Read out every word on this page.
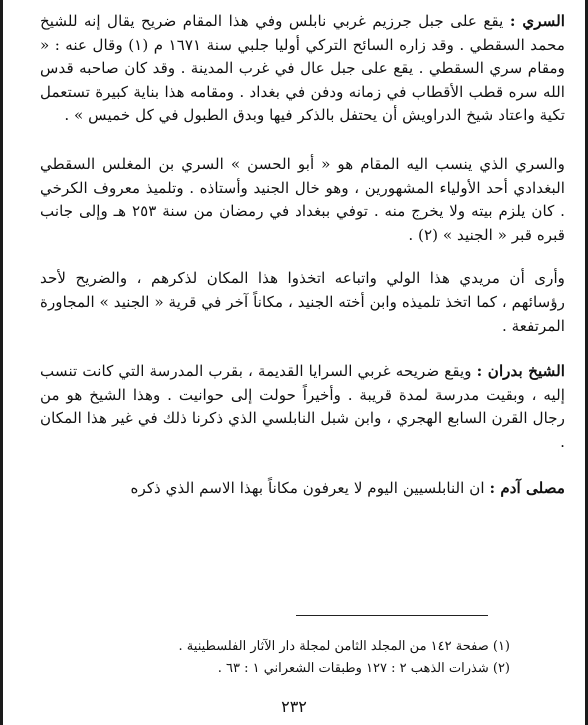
السري : يقع على جبل جرزيم غربي نابلس وفي هذا المقام ضريح يقال إنه للشيخ محمد السقطي . وقد زاره السائح التركي أوليا جلبي سنة ١٦٧١ م (١) وقال عنه : « ومقام سري السقطي . يقع على جبل عال في غرب المدينة . وقد كان صاحبه قدس الله سره قطب الأقطاب في زمانه ودفن في بغداد . ومقامه هذا بناية كبيرة تستعمل تكية واعتاد شيخ الدراويش أن يحتفل بالذكر فيها وبدق الطبول في كل خميس » .

والسري الذي ينسب اليه المقام هو « أبو الحسن » السري بن المغلس السقطي البغدادي أحد الأولياء المشهورين ، وهو خال الجنيد وأستاذه . وتلميذ معروف الكرخي . كان يلزم بيته ولا يخرج منه . توفي ببغداد في رمضان من سنة ٢٥٣ هـ وإلى جانب قبره قبر « الجنيد » (٢) .

وأرى أن مريدي هذا الولي واتباعه اتخذوا هذا المكان لذكرهم ، والضريح لأحد رؤسائهم ، كما اتخذ تلميذه وابن أخته الجنيد ، مكاناً آخر في قرية « الجنيد » المجاورة المرتفعة .

الشيخ بدران : ويقع ضريحه غربي السرايا القديمة ، بقرب المدرسة التي كانت تنسب إليه ، وبقيت مدرسة لمدة قريبة . وأخيراً حولت إلى حوانيت . وهذا الشيخ هو من رجال القرن السابع الهجري ، وابن شبل النابلسي الذي ذكرنا ذلك في غير هذا المكان .

مصلى آدم : ان النابلسيين اليوم لا يعرفون مكاناً بهذا الاسم الذي ذكره

(١) صفحة ١٤٢ من المجلد الثامن لمجلة دار الآثار الفلسطينية .

(٢) شذرات الذهب ٢ : ١٢٧ وطبقات الشعراني ١ : ٦٣ .

٢٣٢
